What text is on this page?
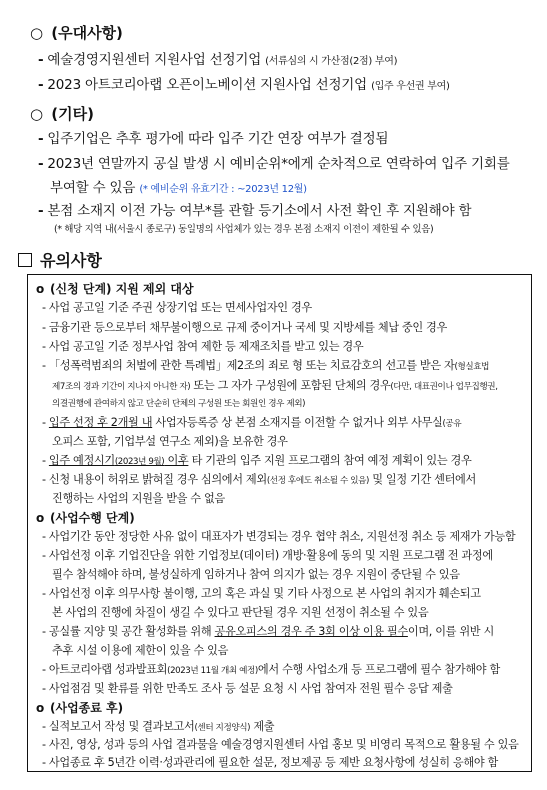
○ (우대사항)
- 예술경영지원센터 지원사업 선정기업 (서류심의 시 가산점(2점) 부여)
- 2023 아트코리아랩 오픈이노베이션 지원사업 선정기업 (입주 우선권 부여)
○ (기타)
- 입주기업은 추후 평가에 따라 입주 기간 연장 여부가 결정됨
- 2023년 연말까지 공실 발생 시 예비순위*에게 순차적으로 연락하여 입주 기회를
부여할 수 있음 (* 예비순위 유효기간 : ~2023년 12월)
- 본점 소재지 이전 가능 여부*를 관할 등기소에서 사전 확인 후 지원해야 함
(* 해당 지역 내(서울시 종로구) 동일명의 사업체가 있는 경우 본점 소재지 이전이 제한될 수 있음)
유의사항
o (신청 단계) 지원 제외 대상
- 사업 공고일 기준 주권 상장기업 또는 면세사업자인 경우
- 금융기관 등으로부터 채무불이행으로 규제 중이거나 국세 및 지방세를 체납 중인 경우
- 사업 공고일 기준 정부사업 참여 제한 등 제재조치를 받고 있는 경우
- 「성폭력범죄의 처벌에 관한 특례법」제2조의 죄로 형 또는 치료감호의 선고를 받은 자(형실효법
제7조의 경과 기간이 지나지 아니한 자) 또는 그 자가 구성원에 포함된 단체의 경우(다만, 대표권이나 업무집행권,
의결권행에 관여하지 않고 단순히 단체의 구성원 또는 회원인 경우 제외)
- 입주 선정 후 2개월 내 사업자등록증 상 본점 소재지를 이전할 수 없거나 외부 사무실(공유
오피스 포함, 기업부설 연구소 제외)을 보유한 경우
- 입주 예정시기(2023년 9월) 이후 타 기관의 입주 지원 프로그램의 참여 예정 계획이 있는 경우
- 신청 내용이 허위로 밝혀질 경우 심의에서 제외(선정 후에도 취소될 수 있음) 및 일정 기간 센터에서
진행하는 사업의 지원을 받을 수 없음
o (사업수행 단계)
- 사업기간 동안 정당한 사유 없이 대표자가 변경되는 경우 협약 취소, 지원선정 취소 등 제재가 가능함
- 사업선정 이후 기업진단을 위한 기업정보(데이터) 개방·활용에 동의 및 지원 프로그램 전 과정에
필수 참석해야 하며, 불성실하게 임하거나 참여 의지가 없는 경우 지원이 중단될 수 있음
- 사업선정 이후 의무사항 불이행, 고의 혹은 과실 및 기타 사정으로 본 사업의 취지가 훼손되고
본 사업의 진행에 차질이 생길 수 있다고 판단될 경우 지원 선정이 취소될 수 있음
- 공실률 지양 및 공간 활성화를 위해 공유오피스의 경우 주 3회 이상 이용 필수이며, 이를 위반 시
추후 시설 이용에 제한이 있을 수 있음
- 아트코리아랩 성과발표회(2023년 11월 개최 예정)에서 수행 사업소개 등 프로그램에 필수 참가해야 함
- 사업점검 및 환류를 위한 만족도 조사 등 설문 요청 시 사업 참여자 전원 필수 응답 제출
o (사업종료 후)
- 실적보고서 작성 및 결과보고서(센터 지정양식) 제출
- 사진, 영상, 성과 등의 사업 결과물을 예술경영지원센터 사업 홍보 및 비영리 목적으로 활용될 수 있음
- 사업종료 후 5년간 이력·성과관리에 필요한 설문, 정보제공 등 제반 요청사항에 성실히 응해야 함
